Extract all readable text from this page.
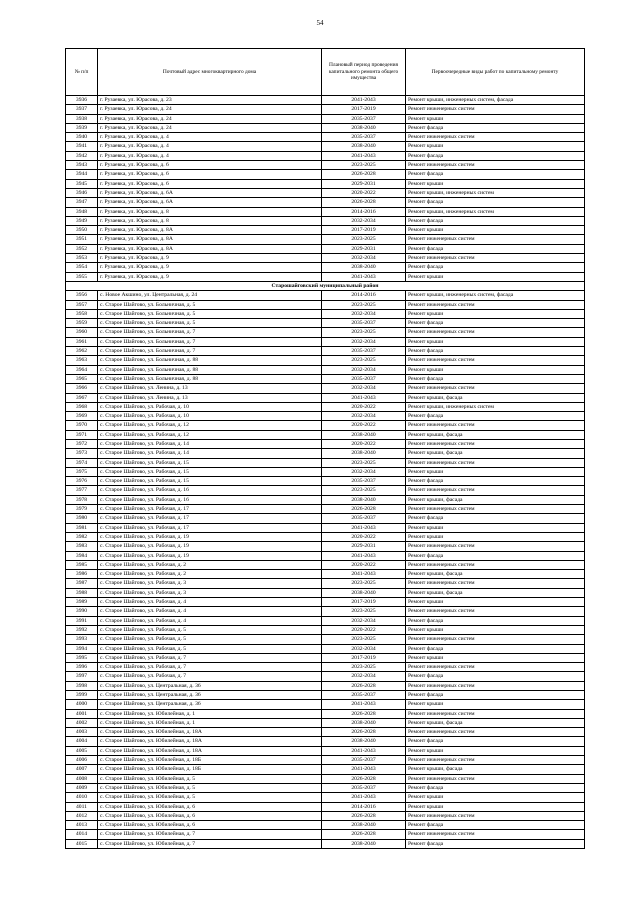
54
№ п/п	Почтовый адрес многоквартирного дома	Плановый период проведения капитального ремонта общего имущества	Первоочередные виды работ по капитальному ремонту
3936	г. Рузаевка, ул. Юрасова, д. 23	2041-2043	Ремонт крыши, инженерных систем, фасада
3937	г. Рузаевка, ул. Юрасова, д. 24	2017-2019	Ремонт инженерных систем
3938	г. Рузаевка, ул. Юрасова, д. 24	2035-2037	Ремонт крыши
3939	г. Рузаевка, ул. Юрасова, д. 24	2038-2040	Ремонт фасада
3940	г. Рузаевка, ул. Юрасова, д. 4	2035-2037	Ремонт инженерных систем
3941	г. Рузаевка, ул. Юрасова, д. 4	2038-2040	Ремонт крыши
3942	г. Рузаевка, ул. Юрасова, д. 4	2041-2043	Ремонт фасада
3943	г. Рузаевка, ул. Юрасова, д. 6	2023-2025	Ремонт инженерных систем
3944	г. Рузаевка, ул. Юрасова, д. 6	2026-2028	Ремонт фасада
3945	г. Рузаевка, ул. Юрасова, д. 6	2029-2031	Ремонт крыши
3946	г. Рузаевка, ул. Юрасова, д. 6А	2020-2022	Ремонт крыши, инженерных систем
3947	г. Рузаевка, ул. Юрасова, д. 6А	2026-2028	Ремонт фасада
3948	г. Рузаевка, ул. Юрасова, д. 8	2014-2016	Ремонт крыши, инженерных систем
3949	г. Рузаевка, ул. Юрасова, д. 8	2032-2034	Ремонт фасада
3950	г. Рузаевка, ул. Юрасова, д. 8А	2017-2019	Ремонт крыши
3951	г. Рузаевка, ул. Юрасова, д. 8А	2023-2025	Ремонт инженерных систем
3952	г. Рузаевка, ул. Юрасова, д. 8А	2029-2031	Ремонт фасада
3953	г. Рузаевка, ул. Юрасова, д. 9	2032-2034	Ремонт инженерных систем
3954	г. Рузаевка, ул. Юрасова, д. 9	2038-2040	Ремонт фасада
3955	г. Рузаевка, ул. Юрасова, д. 9	2041-2043	Ремонт крыши
Старошайговский муниципальный район			
3956	с. Новое Акшино, ул. Центральная, д. 24	2014-2016	Ремонт крыши, инженерных систем, фасада
3957	с. Старое Шайгово, ул. Больничная, д. 5	2023-2025	Ремонт инженерных систем
3958	с. Старое Шайгово, ул. Больничная, д. 5	2032-2034	Ремонт крыши
3959	с. Старое Шайгово, ул. Больничная, д. 5	2035-2037	Ремонт фасада
3960	с. Старое Шайгово, ул. Больничная, д. 7	2023-2025	Ремонт инженерных систем
3961	с. Старое Шайгово, ул. Больничная, д. 7	2032-2034	Ремонт крыши
3962	с. Старое Шайгово, ул. Больничная, д. 7	2035-2037	Ремонт фасада
3963	с. Старое Шайгово, ул. Больничная, д. 88	2023-2025	Ремонт инженерных систем
3964	с. Старое Шайгово, ул. Больничная, д. 88	2032-2034	Ремонт крыши
3965	с. Старое Шайгово, ул. Больничная, д. 88	2035-2037	Ремонт фасада
3966	с. Старое Шайгово, ул. Ленина, д. 13	2032-2034	Ремонт инженерных систем
3967	с. Старое Шайгово, ул. Ленина, д. 13	2041-2043	Ремонт крыши, фасада
3968	с. Старое Шайгово, ул. Рабочая, д. 10	2020-2022	Ремонт крыши, инженерных систем
3969	с. Старое Шайгово, ул. Рабочая, д. 10	2032-2034	Ремонт фасада
3970	с. Старое Шайгово, ул. Рабочая, д. 12	2020-2022	Ремонт инженерных систем
3971	с. Старое Шайгово, ул. Рабочая, д. 12	2038-2040	Ремонт крыши, фасада
3972	с. Старое Шайгово, ул. Рабочая, д. 14	2020-2022	Ремонт инженерных систем
3973	с. Старое Шайгово, ул. Рабочая, д. 14	2038-2040	Ремонт крыши, фасада
3974	с. Старое Шайгово, ул. Рабочая, д. 15	2023-2025	Ремонт инженерных систем
3975	с. Старое Шайгово, ул. Рабочая, д. 15	2032-2034	Ремонт крыши
3976	с. Старое Шайгово, ул. Рабочая, д. 15	2035-2037	Ремонт фасада
3977	с. Старое Шайгово, ул. Рабочая, д. 16	2023-2025	Ремонт инженерных систем
3978	с. Старое Шайгово, ул. Рабочая, д. 16	2038-2040	Ремонт крыши, фасада
3979	с. Старое Шайгово, ул. Рабочая, д. 17	2026-2028	Ремонт инженерных систем
3980	с. Старое Шайгово, ул. Рабочая, д. 17	2035-2037	Ремонт фасада
3981	с. Старое Шайгово, ул. Рабочая, д. 17	2041-2043	Ремонт крыши
3982	с. Старое Шайгово, ул. Рабочая, д. 19	2020-2022	Ремонт крыши
3983	с. Старое Шайгово, ул. Рабочая, д. 19	2029-2031	Ремонт инженерных систем
3984	с. Старое Шайгово, ул. Рабочая, д. 19	2041-2043	Ремонт фасада
3985	с. Старое Шайгово, ул. Рабочая, д. 2	2020-2022	Ремонт инженерных систем
3986	с. Старое Шайгово, ул. Рабочая, д. 2	2041-2043	Ремонт крыши, фасада
3987	с. Старое Шайгово, ул. Рабочая, д. 3	2023-2025	Ремонт инженерных систем
3988	с. Старое Шайгово, ул. Рабочая, д. 3	2038-2040	Ремонт крыши, фасада
3989	с. Старое Шайгово, ул. Рабочая, д. 4	2017-2019	Ремонт крыши
3990	с. Старое Шайгово, ул. Рабочая, д. 4	2023-2025	Ремонт инженерных систем
3991	с. Старое Шайгово, ул. Рабочая, д. 4	2032-2034	Ремонт фасада
3992	с. Старое Шайгово, ул. Рабочая, д. 5	2020-2022	Ремонт крыши
3993	с. Старое Шайгово, ул. Рабочая, д. 5	2023-2025	Ремонт инженерных систем
3994	с. Старое Шайгово, ул. Рабочая, д. 5	2032-2034	Ремонт фасада
3995	с. Старое Шайгово, ул. Рабочая, д. 7	2017-2019	Ремонт крыши
3996	с. Старое Шайгово, ул. Рабочая, д. 7	2023-2025	Ремонт инженерных систем
3997	с. Старое Шайгово, ул. Рабочая, д. 7	2032-2034	Ремонт фасада
3998	с. Старое Шайгово, ул. Центральная, д. 36	2026-2028	Ремонт инженерных систем
3999	с. Старое Шайгово, ул. Центральная, д. 36	2035-2037	Ремонт фасада
4000	с. Старое Шайгово, ул. Центральная, д. 36	2041-2043	Ремонт крыши
4001	с. Старое Шайгово, ул. Юбилейная, д. 1	2026-2028	Ремонт инженерных систем
4002	с. Старое Шайгово, ул. Юбилейная, д. 1	2038-2040	Ремонт крыши, фасада
4003	с. Старое Шайгово, ул. Юбилейная, д. 18А	2026-2028	Ремонт инженерных систем
4004	с. Старое Шайгово, ул. Юбилейная, д. 18А	2038-2040	Ремонт фасада
4005	с. Старое Шайгово, ул. Юбилейная, д. 18А	2041-2043	Ремонт крыши
4006	с. Старое Шайгово, ул. Юбилейная, д. 18Б	2035-2037	Ремонт инженерных систем
4007	с. Старое Шайгово, ул. Юбилейная, д. 18Б	2041-2043	Ремонт крыши, фасада
4008	с. Старое Шайгово, ул. Юбилейная, д. 5	2026-2028	Ремонт инженерных систем
4009	с. Старое Шайгово, ул. Юбилейная, д. 5	2035-2037	Ремонт фасада
4010	с. Старое Шайгово, ул. Юбилейная, д. 5	2041-2043	Ремонт крыши
4011	с. Старое Шайгово, ул. Юбилейная, д. 6	2014-2016	Ремонт крыши
4012	с. Старое Шайгово, ул. Юбилейная, д. 6	2026-2028	Ремонт инженерных систем
4013	с. Старое Шайгово, ул. Юбилейная, д. 6	2038-2040	Ремонт фасада
4014	с. Старое Шайгово, ул. Юбилейная, д. 7	2026-2028	Ремонт инженерных систем
4015	с. Старое Шайгово, ул. Юбилейная, д. 7	2038-2040	Ремонт фасада
